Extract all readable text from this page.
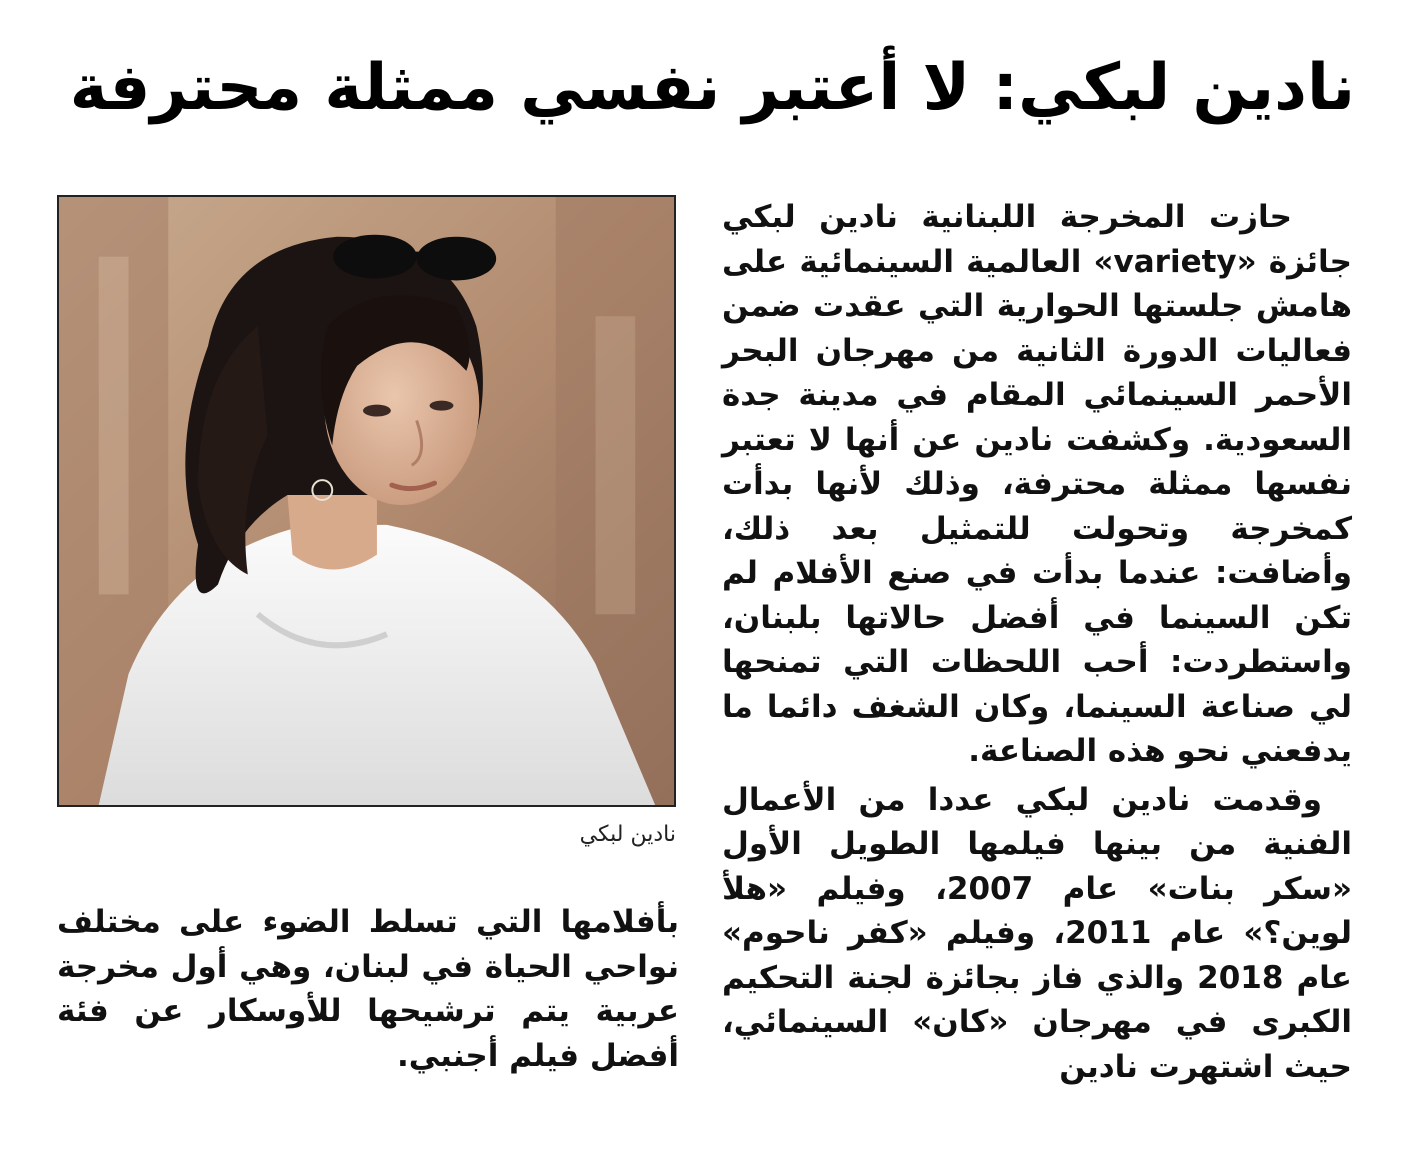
نادين لبكي: لا أعتبر نفسي ممثلة محترفة

حازت المخرجة اللبنانية نادين لبكي جائزة «variety» العالمية السينمائية على هامش جلستها الحوارية التي عقدت ضمن فعاليات الدورة الثانية من مهرجان البحر الأحمر السينمائي المقام في مدينة جدة السعودية. وكشفت نادين عن أنها لا تعتبر نفسها ممثلة محترفة، وذلك لأنها بدأت كمخرجة وتحولت للتمثيل بعد ذلك، وأضافت: عندما بدأت في صنع الأفلام لم تكن السينما في أفضل حالاتها بلبنان، واستطردت: أحب اللحظات التي تمنحها لي صناعة السينما، وكان الشغف دائما ما يدفعني نحو هذه الصناعة.

وقدمت نادين لبكي عددا من الأعمال الفنية من بينها فيلمها الطويل الأول «سكر بنات» عام 2007، وفيلم «هلأ لوين؟» عام 2011، وفيلم «كفر ناحوم» عام 2018 والذي فاز بجائزة لجنة التحكيم الكبرى في مهرجان «كان» السينمائي، حيث اشتهرت نادين

نادين لبكي

بأفلامها التي تسلط الضوء على مختلف نواحي الحياة في لبنان، وهي أول مخرجة عربية يتم ترشيحها للأوسكار عن فئة أفضل فيلم أجنبي.
